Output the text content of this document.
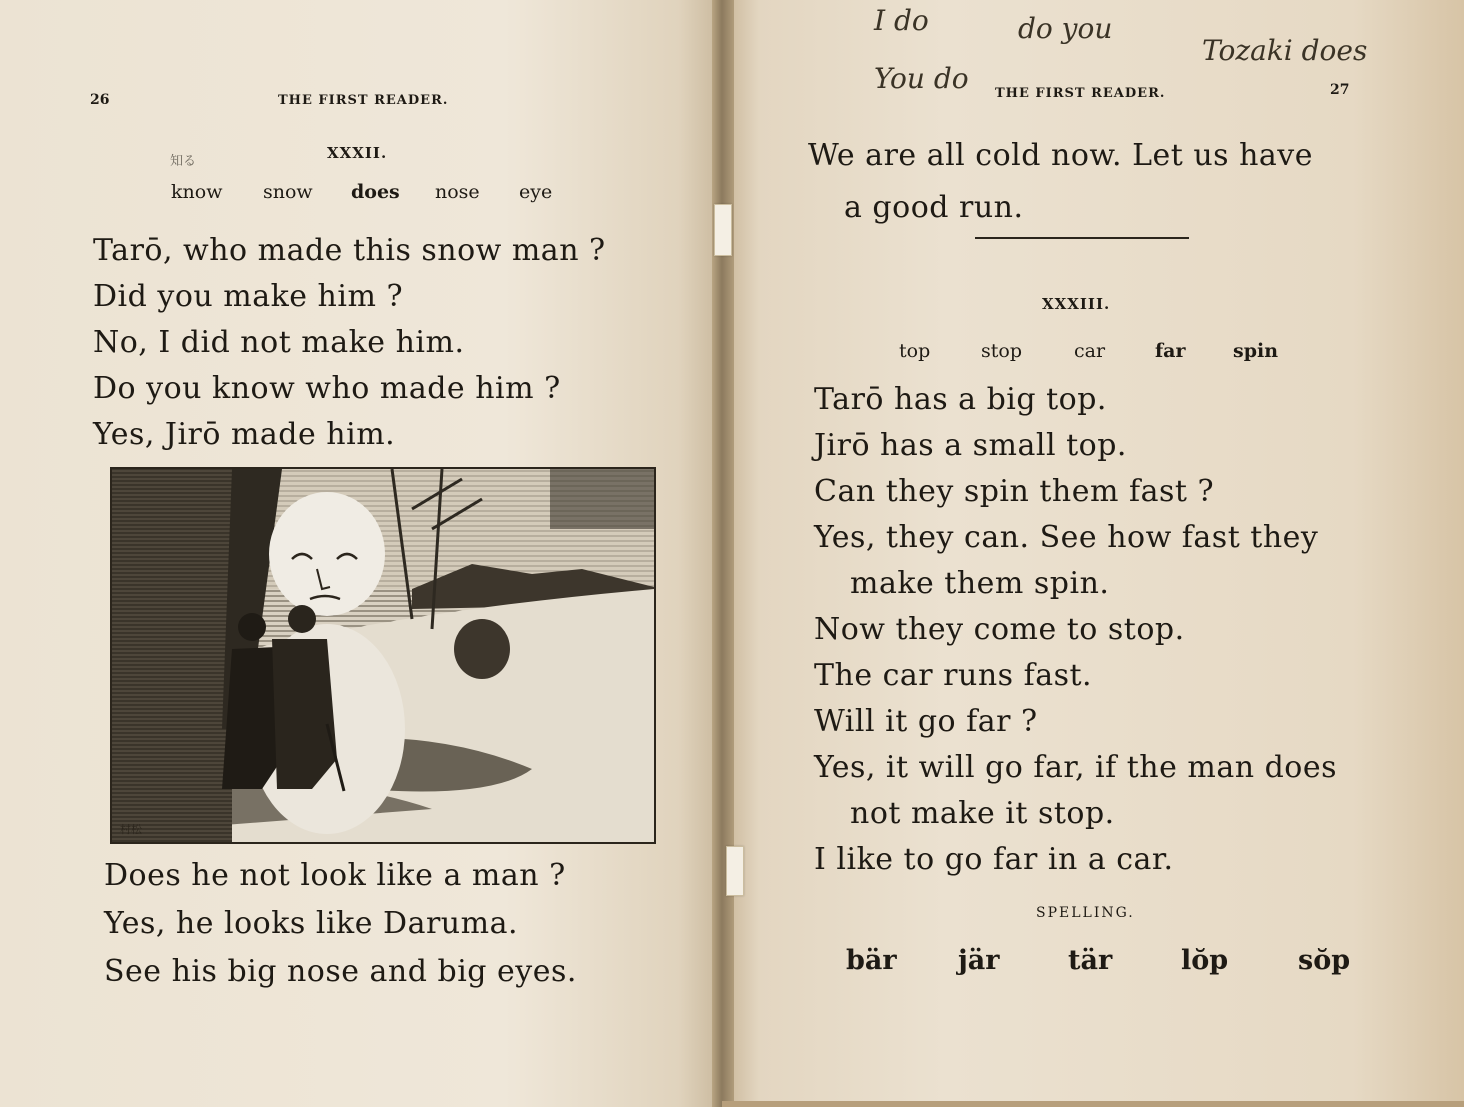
26	THE FIRST READER.
知る	XXXII.
know snow does nose eye
Tarō, who made this snow man ?
Did you make him ?
No, I did not make him.
Do you know who made him ?
Yes, Jirō made him.
村松
Does he not look like a man ?
Yes, he looks like Daruma.
See his big nose and big eyes.
I do	do you
You do
Tozaki does
THE FIRST READER.	27
We are all cold now. Let us have
a good run.
XXXIII.
top	stop	car	far	spin
Tarō has a big top.
Jirō has a small top.
Can they spin them fast ?
Yes, they can. See how fast they
make them spin.
Now they come to stop.
The car runs fast.
Will it go far ?
Yes, it will go far, if the man does
not make it stop.
I like to go far in a car.
SPELLING.
bär jär	tär	lŏp	sŏp
